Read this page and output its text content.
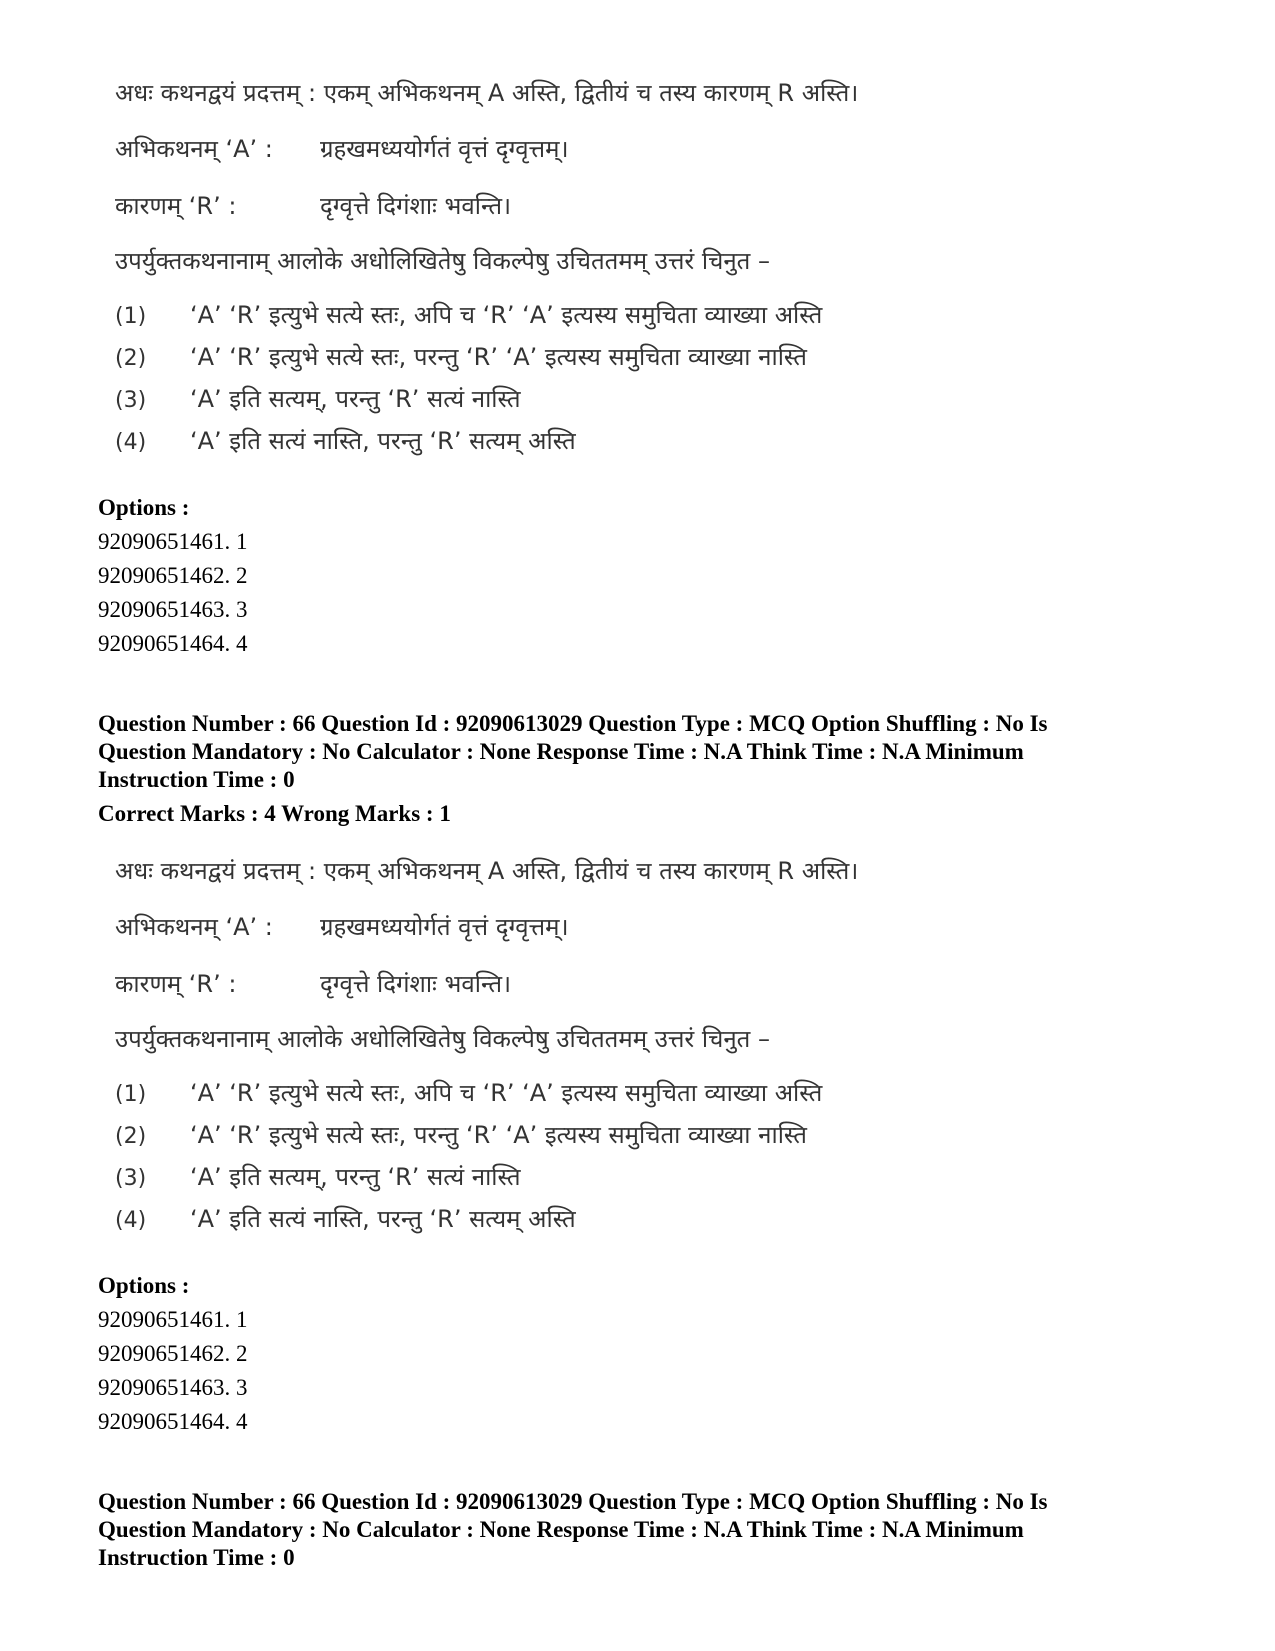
अधः कथनद्वयं प्रदत्तम् : एकम् अभिकथनम् A अस्ति, द्वितीयं च तस्य कारणम् R अस्ति।
अभिकथनम् ‘A’ : ग्रहखमध्ययोर्गतं वृत्तं दृग्वृत्तम्।
कारणम् ‘R’ :	दृग्वृत्ते दिगंशाः भवन्ति।
उपर्युक्तकथनानाम् आलोके अधोलिखितेषु विकल्पेषु उचिततमम् उत्तरं चिनुत –
(1) ‘A’ ‘R’ इत्युभे सत्ये स्तः, अपि च ‘R’ ‘A’ इत्यस्य समुचिता व्याख्या अस्ति
(2) ‘A’ ‘R’ इत्युभे सत्ये स्तः, परन्तु ‘R’ ‘A’ इत्यस्य समुचिता व्याख्या नास्ति
(3) ‘A’ इति सत्यम्, परन्तु ‘R’ सत्यं नास्ति
(4) ‘A’ इति सत्यं नास्ति, परन्तु ‘R’ सत्यम् अस्ति
Options :
92090651461. 1
92090651462. 2
92090651463. 3
92090651464. 4
Question Number : 66 Question Id : 92090613029 Question Type : MCQ Option Shuffling : No Is
Question Mandatory : No Calculator : None Response Time : N.A Think Time : N.A Minimum
Instruction Time : 0
Correct Marks : 4 Wrong Marks : 1
अधः कथनद्वयं प्रदत्तम् : एकम् अभिकथनम् A अस्ति, द्वितीयं च तस्य कारणम् R अस्ति।
अभिकथनम् ‘A’ : ग्रहखमध्ययोर्गतं वृत्तं दृग्वृत्तम्।
कारणम् ‘R’ :	दृग्वृत्ते दिगंशाः भवन्ति।
उपर्युक्तकथनानाम् आलोके अधोलिखितेषु विकल्पेषु उचिततमम् उत्तरं चिनुत –
(1) ‘A’ ‘R’ इत्युभे सत्ये स्तः, अपि च ‘R’ ‘A’ इत्यस्य समुचिता व्याख्या अस्ति
(2) ‘A’ ‘R’ इत्युभे सत्ये स्तः, परन्तु ‘R’ ‘A’ इत्यस्य समुचिता व्याख्या नास्ति
(3) ‘A’ इति सत्यम्, परन्तु ‘R’ सत्यं नास्ति
(4) ‘A’ इति सत्यं नास्ति, परन्तु ‘R’ सत्यम् अस्ति
Options :
92090651461. 1
92090651462. 2
92090651463. 3
92090651464. 4
Question Number : 66 Question Id : 92090613029 Question Type : MCQ Option Shuffling : No Is
Question Mandatory : No Calculator : None Response Time : N.A Think Time : N.A Minimum
Instruction Time : 0
